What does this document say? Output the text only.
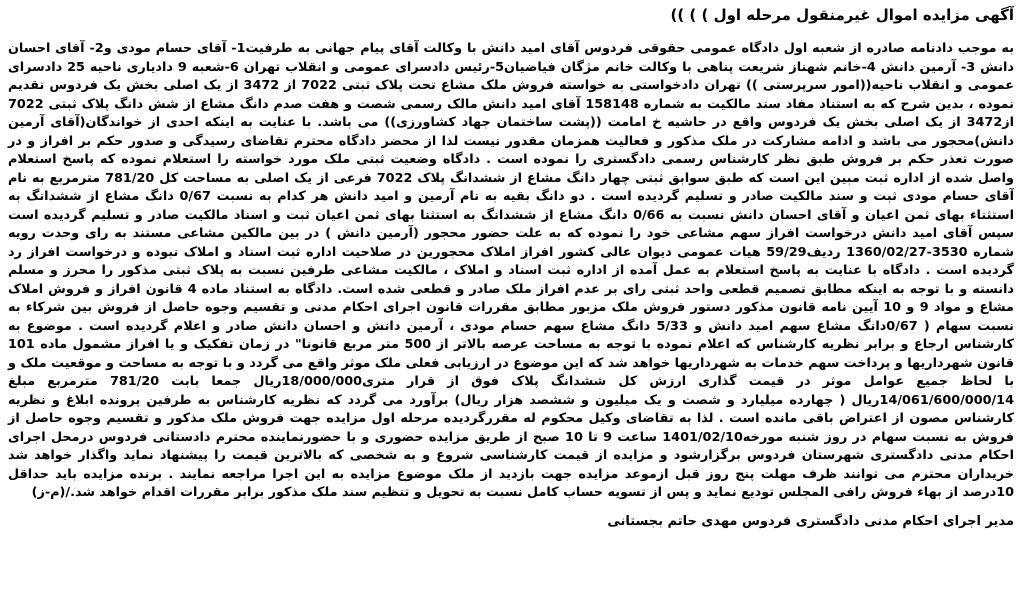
آگهی مزایده اموال غیرمنقول مرحله اول ) ) ))

به موجب دادنامه صادره از شعبه اول دادگاه عمومی حقوقی فردوس آقای امید دانش با وکالت آقای پیام جهانی به طرفیت1- آقای حسام مودی و2- آقای احسان دانش 3- آرمین دانش 4-خانم شهناز شریعت پناهی با وکالت خانم مژگان فیاضیان5-رئیس دادسرای عمومی و انقلاب تهران 6-شعبه 9 دادیاری ناحیه 25 دادسرای عمومی و انقلاب ناحیه((امور سرپرستی )) تهران دادخواستی به خواسته فروش ملک مشاع تحت پلاک ثبتی 7022 از 3472 از یک اصلی بخش یک فردوس تقدیم نموده ، بدین شرح که به استناد مفاد سند مالکیت به شماره 158148 آقای امید دانش مالک رسمی شصت و هفت صدم دانگ مشاع از شش دانگ پلاک ثبتی 7022 از3472 از یک اصلی بخش یک فردوس واقع در حاشیه خ امامت ((پشت ساختمان جهاد کشاورزی)) می باشد. با عنایت به اینکه احدی از خواندگان(آقای آرمین دانش)محجور می باشد و ادامه مشارکت در ملک مذکور و فعالیت همزمان مقدور نیست لذا از محضر دادگاه محترم تقاضای رسیدگی و صدور حکم بر افراز و در صورت تعذر حکم بر فروش طبق نظر کارشناس رسمی دادگستری را نموده است . دادگاه وضعیت ثبتی ملک مورد خواسته را استعلام نموده که پاسخ استعلام واصل شده از اداره ثبت مبین این است که طبق سوابق ثبتی چهار دانگ مشاع از ششدانگ پلاک 7022 فرعی از یک اصلی به مساحت کل 781/20 مترمربع به نام آقای حسام مودی ثبت و سند مالکیت صادر و تسلیم گردیده است . دو دانگ بقیه به نام آرمین و امید دانش هر کدام به نسبت 0/67 دانگ مشاع از ششدانگ به استثناء بهای ثمن اعیان و آقای احسان دانش نسبت به 0/66 دانگ مشاع از ششدانگ به استثنا بهای ثمن اعیان ثبت و اسناد مالکیت صادر و تسلیم گردیده است سپس آقای امید دانش درخواست افراز سهم مشاعی خود را نموده که به علت حضور محجور (آرمین دانش ) در بین مالکین مشاعی مستند به رای وحدت رویه شماره 3530-1360/02/27 ردیف59/29 هیات عمومی دیوان عالی کشور افراز املاک محجورین در صلاحیت اداره ثبت اسناد و املاک نبوده و درخواست افراز رد گردیده است . دادگاه با عنایت به پاسخ استعلام به عمل آمده از اداره ثبت اسناد و املاک ، مالکیت مشاعی طرفین نسبت به پلاک ثبتی مذکور را محرز و مسلم دانسته و با توجه به اینکه مطابق تصمیم قطعی واحد ثبتی رای بر عدم افراز ملک صادر و قطعی شده است. دادگاه به استناد ماده 4 قانون افراز و فروش املاک مشاع و مواد 9 و 10 آیین نامه قانون مذکور دستور فروش ملک مزبور مطابق مقررات قانون اجرای احکام مدنی و تقسیم وجوه حاصل از فروش بین شرکاء به نسبت سهام ( 0/67دانگ مشاع سهم امید دانش و 5/33 دانگ مشاع سهم حسام مودی ، آرمین دانش و احسان دانش صادر و اعلام گردیده است . موضوع به کارشناس ارجاع و برابر نظریه کارشناس که اعلام نموده با توجه به مساحت عرصه بالاتر از 500 متر مربع قانونا" در زمان تفکیک و یا افراز مشمول ماده 101 قانون شهرداریها و پرداخت سهم خدمات به شهرداریها خواهد شد که این موضوع در ارزیابی فعلی ملک موثر واقع می گردد و با توجه به مساحت و موقعیت ملک و با لحاظ جمیع عوامل موثر در قیمت گذاری ارزش کل ششدانگ پلاک فوق از قرار متری18/000/000ریال جمعا بابت 781/20 مترمربع مبلغ 14/061/600/000/14ریال ( چهارده میلیارد و شصت و یک میلیون و ششصد هزار ریال) برآورد می گردد که نظریه کارشناس به طرفین پرونده ابلاغ و نظریه کارشناس مصون از اعتراض باقی مانده است . لذا به تقاضای وکیل محکوم له مقررگردیده مرحله اول مزایده جهت فروش ملک مذکور و تقسیم وجوه حاصل از فروش به نسبت سهام در روز شنبه مورخه1401/02/10 ساعت 9 تا 10 صبح از طریق مزایده حضوری و با حضورنماینده محترم دادستانی فردوس درمحل اجرای احکام مدنی دادگستری شهرستان فردوس برگزارشود و مزایده از قیمت کارشناسی شروع و به شخصی که بالاترین قیمت را پیشنهاد نماید واگذار خواهد شد خریداران محترم می توانند ظرف مهلت پنج روز قبل ازموعد مزایده جهت بازدید از ملک موضوع مزایده به این اجرا مراجعه نمایند . برنده مزایده باید حداقل 10درصد از بهاء فروش رافی المجلس تودیع نماید و پس از تسویه حساب کامل نسبت به تحویل و تنظیم سند ملک مذکور برابر مقررات اقدام خواهد شد./(م-ز)

مدیر اجرای احکام مدنی دادگستری فردوس مهدی حاتم بجستانی
